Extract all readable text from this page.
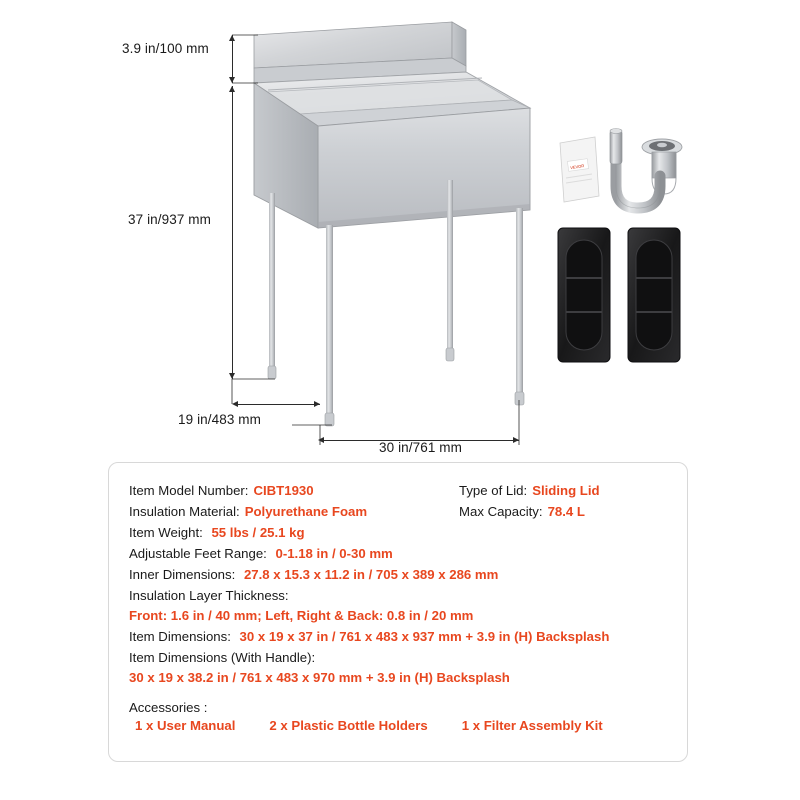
VEVOR
3.9 in/100 mm
37 in/937 mm
19 in/483 mm
30 in/761 mm
Item Model Number: CIBT1930	Type of Lid: Sliding Lid
Insulation Material: Polyurethane Foam	Max Capacity: 78.4 L
Item Weight: 55 lbs / 25.1 kg
Adjustable Feet Range: 0-1.18 in / 0-30 mm
Inner Dimensions: 27.8 x 15.3 x 11.2 in / 705 x 389 x 286 mm
Insulation Layer Thickness:
Front: 1.6 in / 40 mm; Left, Right & Back: 0.8 in / 20 mm
Item Dimensions: 30 x 19 x 37 in / 761 x 483 x 937 mm + 3.9 in (H) Backsplash
Item Dimensions (With Handle):
30 x 19 x 38.2 in / 761 x 483 x 970 mm + 3.9 in (H) Backsplash
Accessories :
1 x User Manual	2 x Plastic Bottle Holders	1 x Filter Assembly Kit
